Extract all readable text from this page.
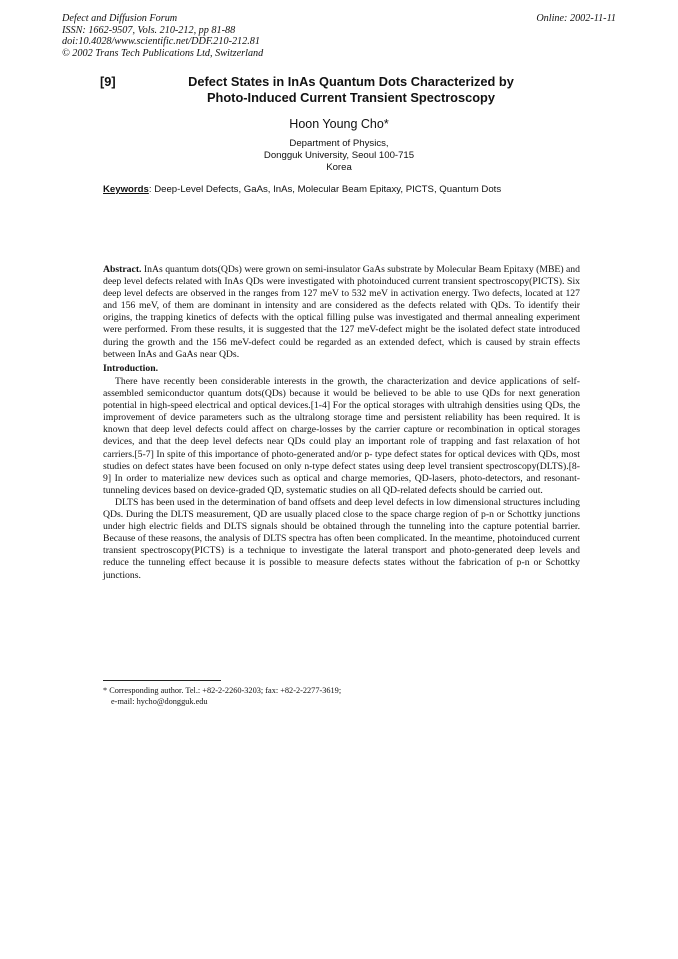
Defect and Diffusion Forum
ISSN: 1662-9507, Vols. 210-212, pp 81-88
doi:10.4028/www.scientific.net/DDF.210-212.81
© 2002 Trans Tech Publications Ltd, Switzerland
Online: 2002-11-11
[9]	Defect States in InAs Quantum Dots Characterized by
Photo-Induced Current Transient Spectroscopy
Hoon Young Cho*
Department of Physics,
Dongguk University, Seoul 100-715
Korea
Keywords: Deep-Level Defects, GaAs, InAs, Molecular Beam Epitaxy, PICTS, Quantum Dots
Abstract. InAs quantum dots(QDs) were grown on semi-insulator GaAs substrate by Molecular Beam Epitaxy (MBE) and deep level defects related with InAs QDs were investigated with photoinduced current transient spectroscopy(PICTS). Six deep level defects are observed in the ranges from 127 meV to 532 meV in activation energy. Two defects, located at 127 and 156 meV, of them are dominant in intensity and are considered as the defects related with QDs. To identify their origins, the trapping kinetics of defects with the optical filling pulse was investigated and thermal annealing experiment were performed. From these results, it is suggested that the 127 meV-defect might be the isolated defect state introduced during the growth and the 156 meV-defect could be regarded as an extended defect, which is caused by strain effects between InAs and GaAs near QDs.
Introduction.

There have recently been considerable interests in the growth, the characterization and device applications of self-assembled semiconductor quantum dots(QDs) because it would be believed to be able to use QDs for next generation potential in high-speed electrical and optical devices.[1-4] For the optical storages with ultrahigh densities using QDs, the improvement of device parameters such as the ultralong storage time and persistent reliability has been required. It is known that deep level defects could affect on charge-losses by the carrier capture or recombination in optical storages devices, and that the deep level defects near QDs could play an important role of trapping and fast relaxation of hot carriers.[5-7] In spite of this importance of photo-generated and/or p- type defect states for optical devices with QDs, most studies on defect states have been focused on only n-type defect states using deep level transient spectroscopy(DLTS).[8-9] In order to materialize new devices such as optical and charge memories, QD-lasers, photo-detectors, and resonant-tunneling devices based on device-graded QD, systematic studies on all QD-related defects should be carried out.

DLTS has been used in the determination of band offsets and deep level defects in low dimensional structures including QDs. During the DLTS measurement, QD are usually placed close to the space charge region of p-n or Schottky junctions under high electric fields and DLTS signals should be obtained through the tunneling into the capture potential barrier. Because of these reasons, the analysis of DLTS spectra has often been complicated. In the meantime, photoinduced current transient spectroscopy(PICTS) is a technique to investigate the lateral transport and photo-generated deep levels and reduce the tunneling effect because it is possible to measure defects states without the fabrication of p-n or Schottky junctions.

* Corresponding author. Tel.: +82-2-2260-3203; fax: +82-2-2277-3619;
e-mail: hycho@dongguk.edu
